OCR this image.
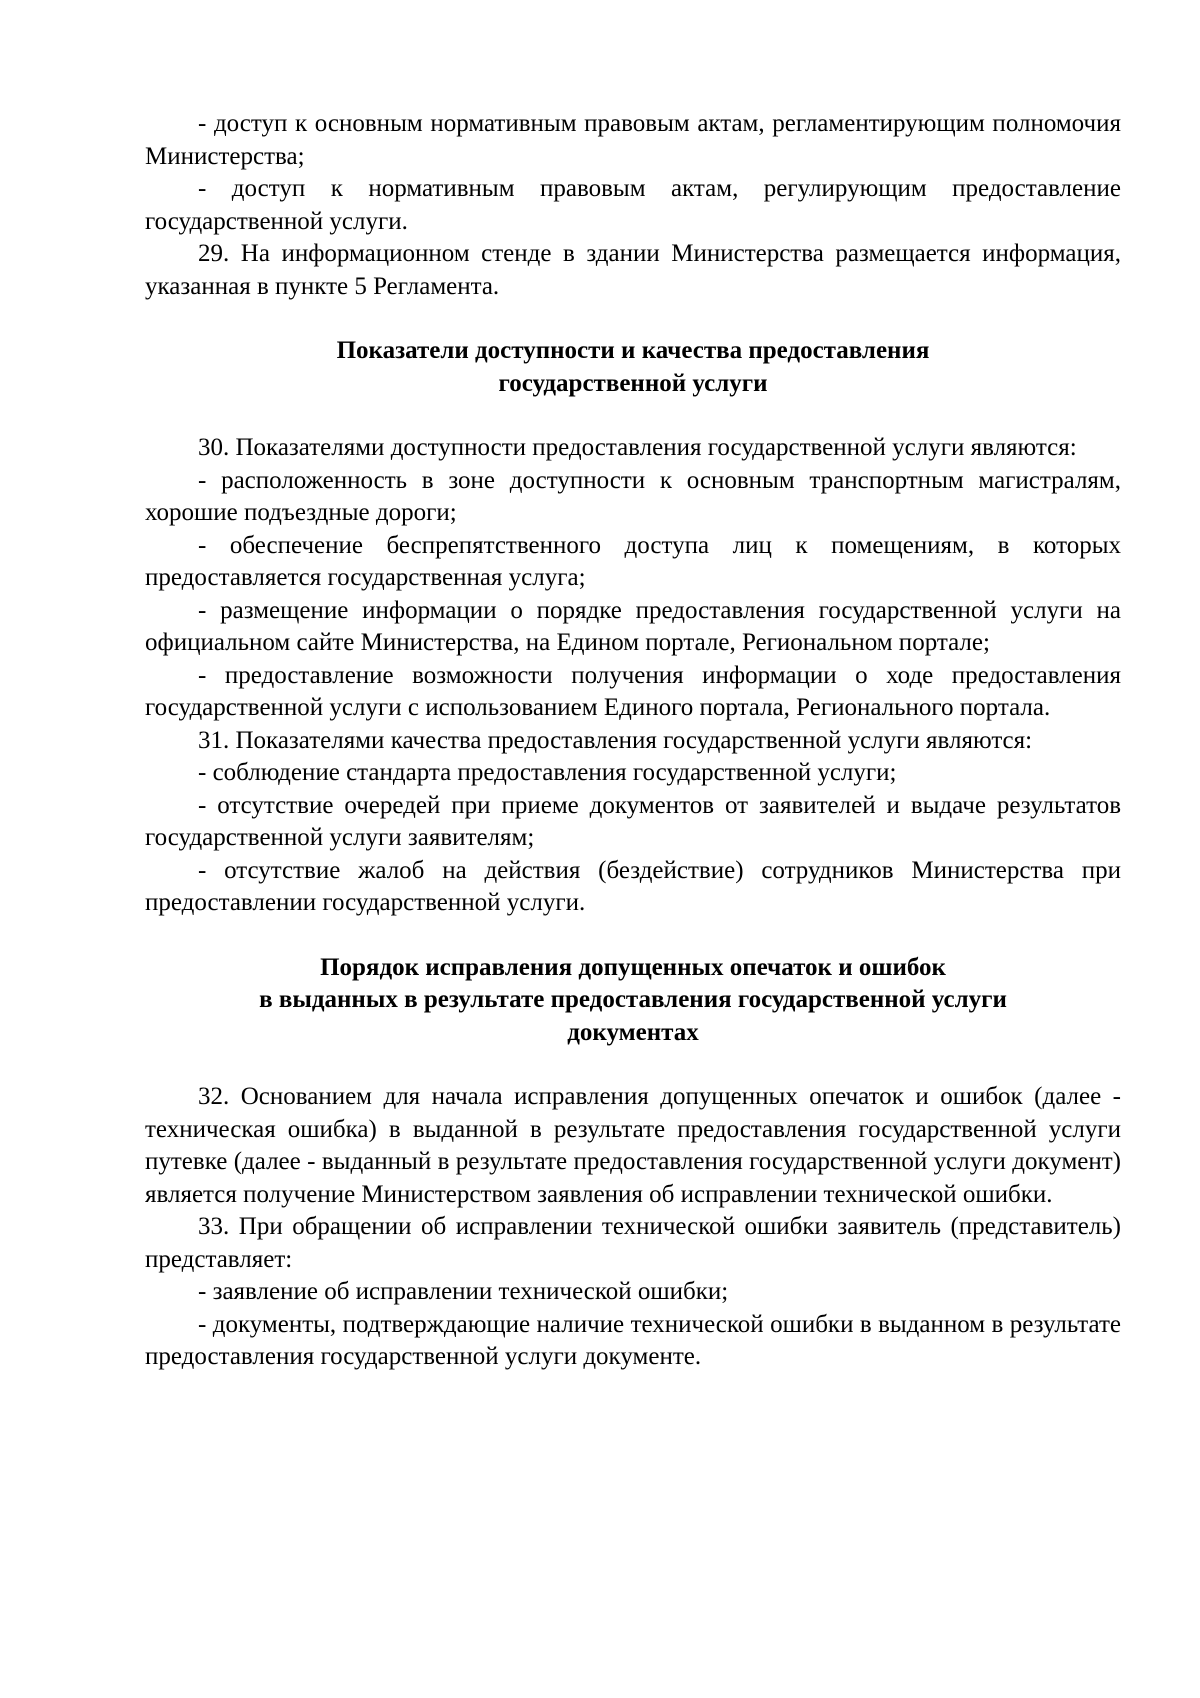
- доступ к основным нормативным правовым актам, регламентирующим полномочия Министерства;

- доступ к нормативным правовым актам, регулирующим предоставление государственной услуги.

29. На информационном стенде в здании Министерства размещается информация, указанная в пункте 5 Регламента.

Показатели доступности и качества предоставления
государственной услуги

30. Показателями доступности предоставления государственной услуги являются:

- расположенность в зоне доступности к основным транспортным магистралям, хорошие подъездные дороги;

- обеспечение беспрепятственного доступа лиц к помещениям, в которых предоставляется государственная услуга;

- размещение информации о порядке предоставления государственной услуги на официальном сайте Министерства, на Едином портале, Региональном портале;

- предоставление возможности получения информации о ходе предоставления государственной услуги с использованием Единого портала, Регионального портала.

31. Показателями качества предоставления государственной услуги являются:

- соблюдение стандарта предоставления государственной услуги;

- отсутствие очередей при приеме документов от заявителей и выдаче результатов государственной услуги заявителям;

- отсутствие жалоб на действия (бездействие) сотрудников Министерства при предоставлении государственной услуги.

Порядок исправления допущенных опечаток и ошибок
в выданных в результате предоставления государственной услуги
документах

32. Основанием для начала исправления допущенных опечаток и ошибок (далее - техническая ошибка) в выданной в результате предоставления государственной услуги путевке (далее - выданный в результате предоставления государственной услуги документ) является получение Министерством заявления об исправлении технической ошибки.

33. При обращении об исправлении технической ошибки заявитель (представитель) представляет:

- заявление об исправлении технической ошибки;

- документы, подтверждающие наличие технической ошибки в выданном в результате предоставления государственной услуги документе.
